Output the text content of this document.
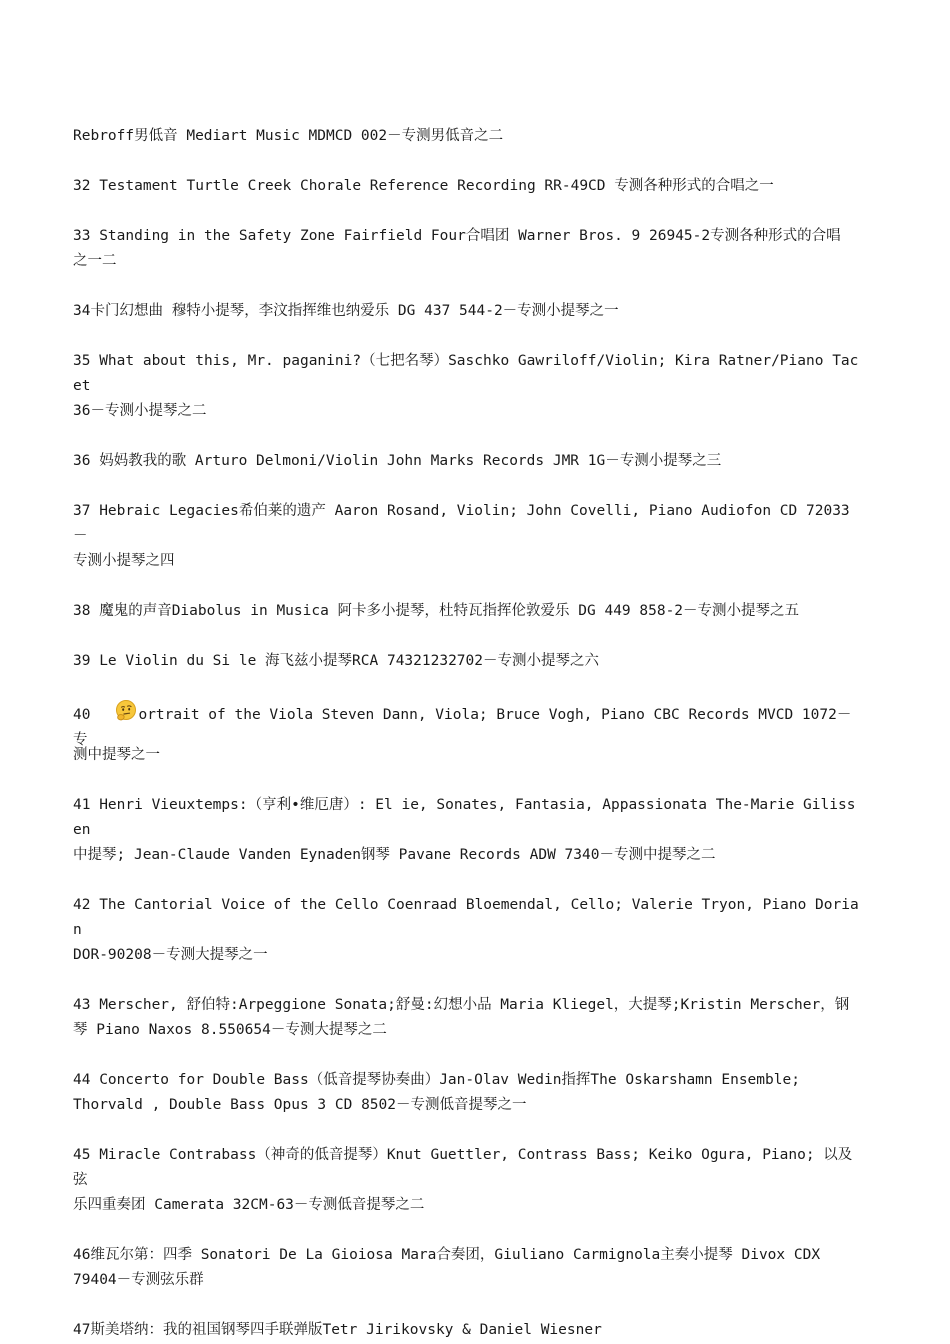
Rebroff男低音 Mediart Music MDMCD 002－专测男低音之二

32 Testament Turtle Creek Chorale Reference Recording RR-49CD 专测各种形式的合唱之一

33 Standing in the Safety Zone Fairfield Four合唱团 Warner Bros. 9 26945-2专测各种形式的合唱
之一二

34卡门幻想曲 穆特小提琴，李汶指挥维也纳爱乐 DG 437 544-2－专测小提琴之一

35 What about this, Mr. paganini?（七把名琴）Saschko Gawriloff/Violin; Kira Ratner/Piano Tacet
36－专测小提琴之二

36 妈妈教我的歌 Arturo Delmoni/Violin John Marks Records JMR 1G－专测小提琴之三

37 Hebraic Legacies希伯莱的遗产 Aaron Rosand, Violin; John Covelli, Piano Audiofon CD 72033－
专测小提琴之四

38 魔鬼的声音Diabolus in Musica 阿卡多小提琴，杜特瓦指挥伦敦爱乐 DG 449 858-2－专测小提琴之五

39 Le Violin du Si le 海飞兹小提琴RCA 74321232702－专测小提琴之六

40	ortrait of the Viola Steven Dann, Viola; Bruce Vogh, Piano CBC Records MVCD 1072－专
测中提琴之一

41 Henri Vieuxtemps:（亨利•维厄唐）: El ie, Sonates, Fantasia, Appassionata The-Marie Gilissen
中提琴; Jean-Claude Vanden Eynaden钢琴 Pavane Records ADW 7340－专测中提琴之二

42 The Cantorial Voice of the Cello Coenraad Bloemendal, Cello; Valerie Tryon, Piano Dorian
DOR-90208－专测大提琴之一

43 Merscher, 舒伯特:Arpeggione Sonata;舒曼:幻想小品 Maria Kliegel，大提琴;Kristin Merscher，钢
琴 Piano Naxos 8.550654－专测大提琴之二

44 Concerto for Double Bass（低音提琴协奏曲）Jan-Olav Wedin指挥The Oskarshamn Ensemble;
Thorvald , Double Bass Opus 3 CD 8502－专测低音提琴之一

45 Miracle Contrabass（神奇的低音提琴）Knut Guettler, Contrass Bass; Keiko Ogura, Piano; 以及弦
乐四重奏团 Camerata 32CM-63－专测低音提琴之二

46维瓦尔第：四季 Sonatori De La Gioiosa Mara合奏团，Giuliano Carmignola主奏小提琴 Divox CDX
79404－专测弦乐群

47斯美塔纳：我的祖国钢琴四手联弹版Tetr Jirikovsky & Daniel Wiesner
